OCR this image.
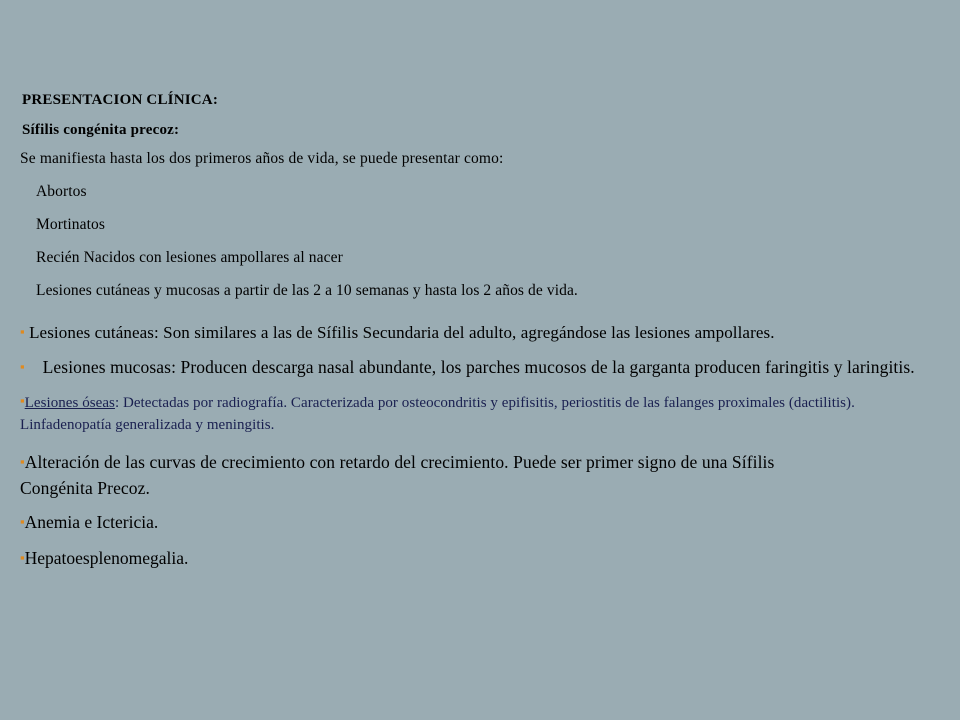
PRESENTACION CLÍNICA:

Sífilis congénita precoz:

Se manifiesta hasta los dos primeros años de vida, se puede presentar como:

Abortos
Mortinatos
Recién Nacidos con lesiones ampollares al nacer
Lesiones cutáneas y mucosas a partir de las 2 a 10 semanas y hasta los 2 años de vida.

▪ Lesiones cutáneas: Son similares a las de Sífilis Secundaria del adulto, agregándose las lesiones ampollares.

▪ Lesiones mucosas: Producen descarga nasal abundante, los parches mucosos de la garganta producen faringitis y laringitis.

▪Lesiones óseas: Detectadas por radiografía. Caracterizada por osteocondritis y epifisitis, periostitis de las falanges proximales (dactilitis). Linfadenopatía generalizada y meningitis.

▪Alteración de las curvas de crecimiento con retardo del crecimiento. Puede ser primer signo de una Sífilis
Congénita Precoz.

▪Anemia e Ictericia.

▪Hepatoesplenomegalia.
